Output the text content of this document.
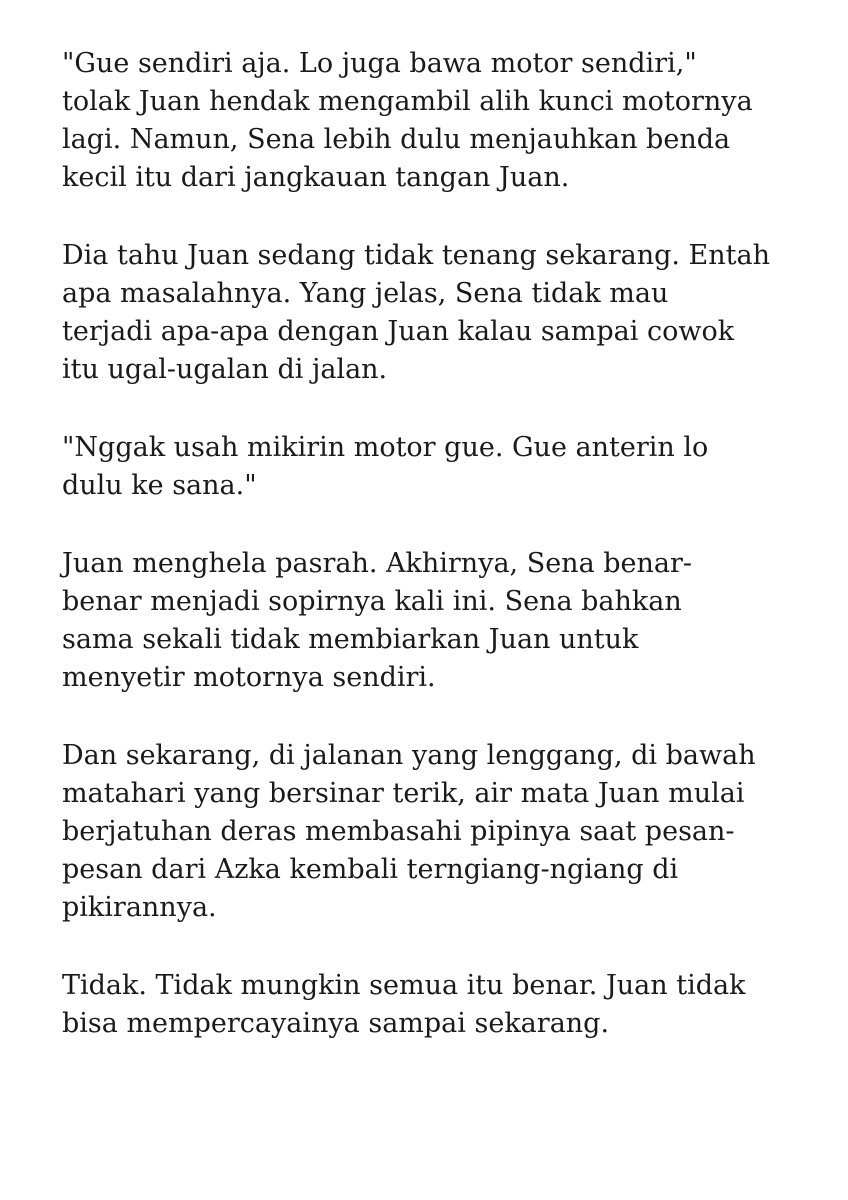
"Gue sendiri aja. Lo juga bawa motor sendiri,"
tolak Juan hendak mengambil alih kunci motornya
lagi. Namun, Sena lebih dulu menjauhkan benda
kecil itu dari jangkauan tangan Juan.

Dia tahu Juan sedang tidak tenang sekarang. Entah
apa masalahnya. Yang jelas, Sena tidak mau
terjadi apa-apa dengan Juan kalau sampai cowok
itu ugal-ugalan di jalan.

"Nggak usah mikirin motor gue. Gue anterin lo
dulu ke sana."

Juan menghela pasrah. Akhirnya, Sena benar-
benar menjadi sopirnya kali ini. Sena bahkan
sama sekali tidak membiarkan Juan untuk
menyetir motornya sendiri.

Dan sekarang, di jalanan yang lenggang, di bawah
matahari yang bersinar terik, air mata Juan mulai
berjatuhan deras membasahi pipinya saat pesan-
pesan dari Azka kembali terngiang-ngiang di
pikirannya.

Tidak. Tidak mungkin semua itu benar. Juan tidak
bisa mempercayainya sampai sekarang.
